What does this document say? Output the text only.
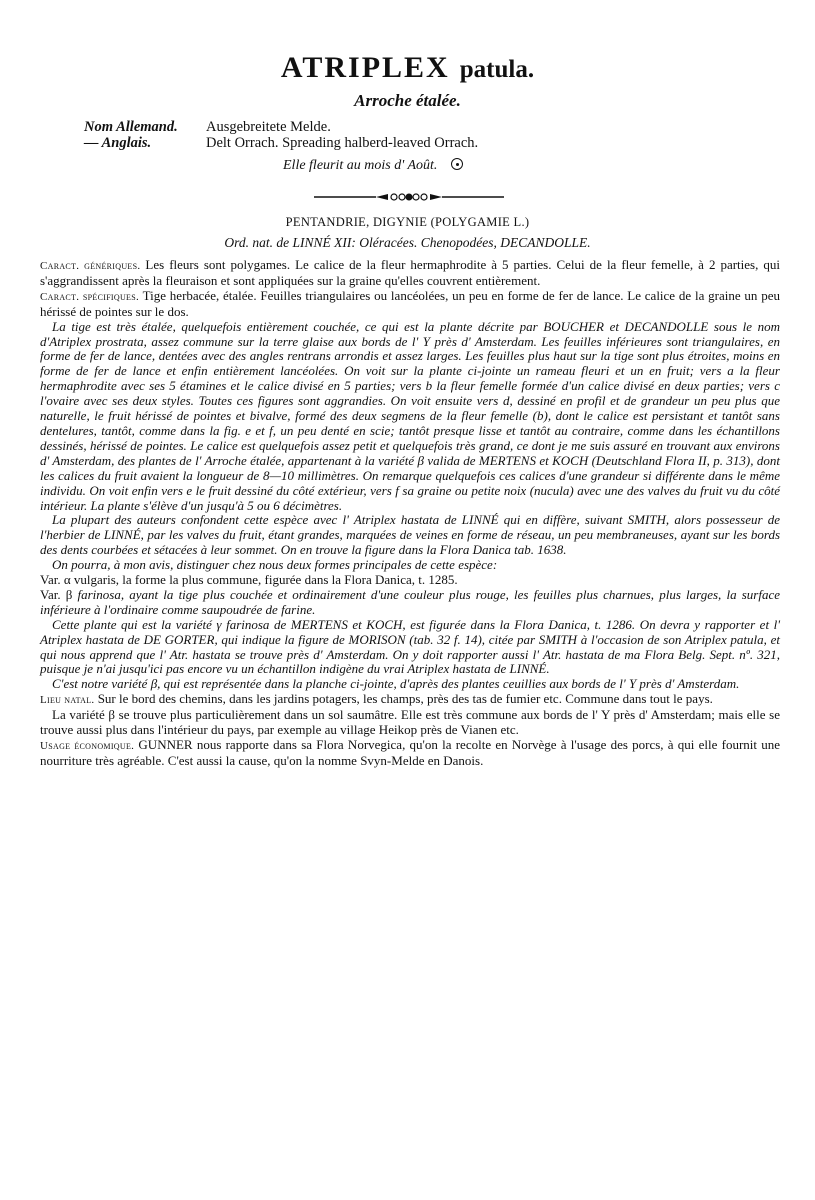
ATRIPLEX patula.
Arroche étalée.
Nom Allemand. Ausgebreitete Melde.
— Anglais.	Delt Orrach. Spreading halberd-leaved Orrach.
Elle fleurit au mois d' Août.
PENTANDRIE, DIGYNIE (POLYGAMIE L.)
Ord. nat. de LINNÉ XII: Oléracées. Chenopodées, DECANDOLLE.

Caract. génériques. Les fleurs sont polygames. Le calice de la fleur hermaphrodite à 5 parties. Celui de la fleur femelle, à 2 parties, qui s'aggrandissent après la fleuraison et sont appliquées sur la graine qu'elles couvrent entièrement.

Caract. spécifiques. Tige herbacée, étalée. Feuilles triangulaires ou lancéolées, un peu en forme de fer de lance. Le calice de la graine un peu hérissé de pointes sur le dos.

La tige est très étalée, quelquefois entièrement couchée, ce qui est la plante décrite par BOUCHER et DECANDOLLE sous le nom d'Atriplex prostrata, assez commune sur la terre glaise aux bords de l' Y près d' Amsterdam. Les feuilles inférieures sont triangulaires, en forme de fer de lance, dentées avec des angles rentrans arrondis et assez larges. Les feuilles plus haut sur la tige sont plus étroites, moins en forme de fer de lance et enfin entièrement lancéolées. On voit sur la plante ci-jointe un rameau fleuri et un en fruit; vers a la fleur hermaphrodite avec ses 5 étamines et le calice divisé en 5 parties; vers b la fleur femelle formée d'un calice divisé en deux parties; vers c l'ovaire avec ses deux styles. Toutes ces figures sont aggrandies. On voit ensuite vers d, dessiné en profil et de grandeur un peu plus que naturelle, le fruit hérissé de pointes et bivalve, formé des deux segmens de la fleur femelle (b), dont le calice est persistant et tantôt sans dentelures, tantôt, comme dans la fig. e et f, un peu denté en scie; tantôt presque lisse et tantôt au contraire, comme dans les échantillons dessinés, hérissé de pointes. Le calice est quelquefois assez petit et quelquefois très grand, ce dont je me suis assuré en trouvant aux environs d' Amsterdam, des plantes de l' Arroche étalée, appartenant à la variété β valida de MERTENS et KOCH (Deutschland Flora II, p. 313), dont les calices du fruit avaient la longueur de 8—10 millimètres. On remarque quelquefois ces calices d'une grandeur si différente dans le même individu. On voit enfin vers e le fruit dessiné du côté extérieur, vers f sa graine ou petite noix (nucula) avec une des valves du fruit vu du côté intérieur. La plante s'élève d'un jusqu'à 5 ou 6 décimètres.

La plupart des auteurs confondent cette espèce avec l' Atriplex hastata de LINNÉ qui en diffère, suivant SMITH, alors possesseur de l'herbier de LINNÉ, par les valves du fruit, étant grandes, marquées de veines en forme de réseau, un peu membraneuses, ayant sur les bords des dents courbées et sétacées à leur sommet. On en trouve la figure dans la Flora Danica tab. 1638.

On pourra, à mon avis, distinguer chez nous deux formes principales de cette espèce:

Var. α vulgaris, la forme la plus commune, figurée dans la Flora Danica, t. 1285.

Var. β farinosa, ayant la tige plus couchée et ordinairement d'une couleur plus rouge, les feuilles plus charnues, plus larges, la surface inférieure à l'ordinaire comme saupoudrée de farine.

Cette plante qui est la variété γ farinosa de MERTENS et KOCH, est figurée dans la Flora Danica, t. 1286. On devra y rapporter et l' Atriplex hastata de DE GORTER, qui indique la figure de MORISON (tab. 32 f. 14), citée par SMITH à l'occasion de son Atriplex patula, et qui nous apprend que l' Atr. hastata se trouve près d' Amsterdam. On y doit rapporter aussi l' Atr. hastata de ma Flora Belg. Sept. nº. 321, puisque je n'ai jusqu'ici pas encore vu un échantillon indigène du vrai Atriplex hastata de LINNÉ.

C'est notre variété β, qui est représentée dans la planche ci-jointe, d'après des plantes ceuillies aux bords de l' Y près d' Amsterdam.

Lieu natal. Sur le bord des chemins, dans les jardins potagers, les champs, près des tas de fumier etc. Commune dans tout le pays.

La variété β se trouve plus particulièrement dans un sol saumâtre. Elle est très commune aux bords de l' Y près d' Amsterdam; mais elle se trouve aussi plus dans l'intérieur du pays, par exemple au village Heikop près de Vianen etc.

Usage économique. GUNNER nous rapporte dans sa Flora Norvegica, qu'on la recolte en Norvège à l'usage des porcs, à qui elle fournit une nourriture très agréable. C'est aussi la cause, qu'on la nomme Svyn-Melde en Danois.
